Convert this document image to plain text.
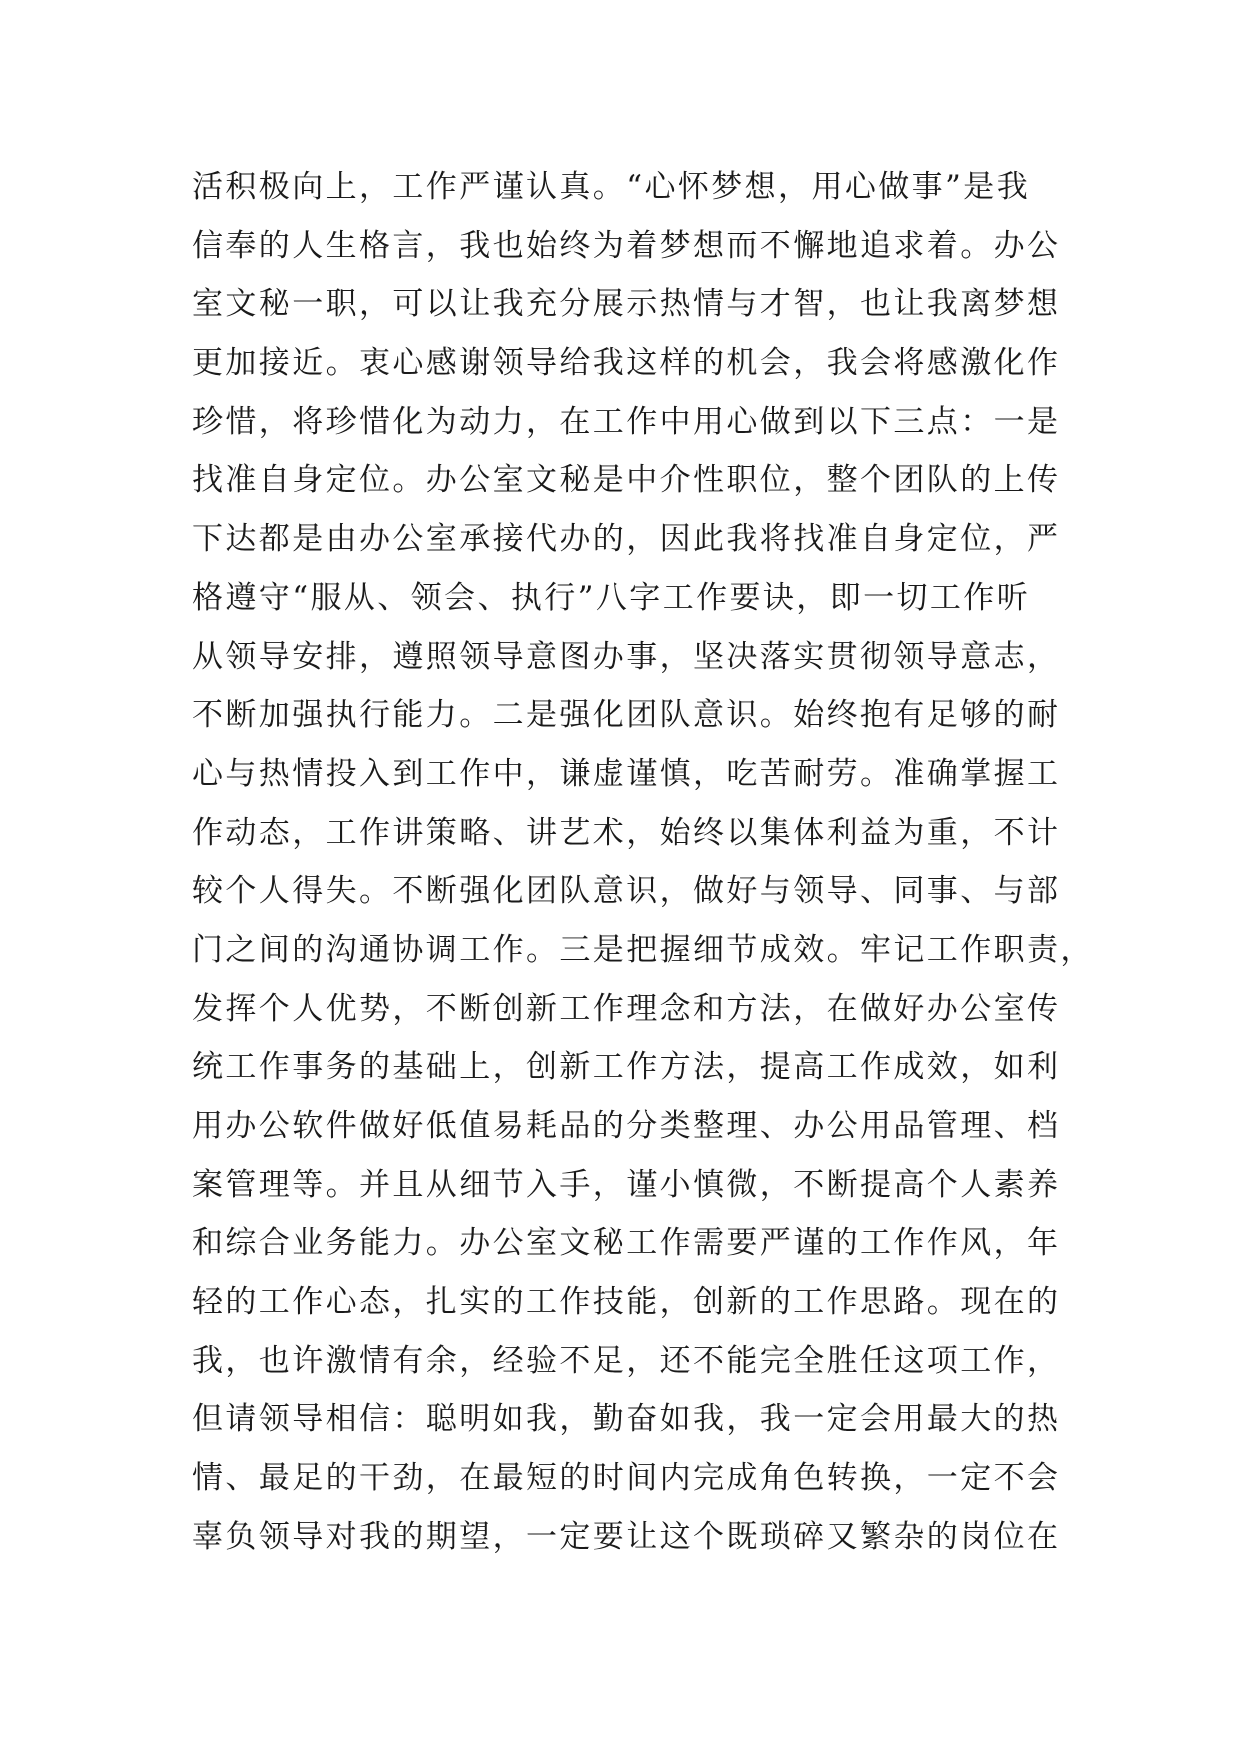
活积极向上，工作严谨认真。“心怀梦想，用心做事”是我
信奉的人生格言，我也始终为着梦想而不懈地追求着。办公
室文秘一职，可以让我充分展示热情与才智，也让我离梦想
更加接近。衷心感谢领导给我这样的机会，我会将感激化作
珍惜，将珍惜化为动力，在工作中用心做到以下三点：一是
找准自身定位。办公室文秘是中介性职位，整个团队的上传
下达都是由办公室承接代办的，因此我将找准自身定位，严
格遵守“服从、领会、执行”八字工作要诀，即一切工作听
从领导安排，遵照领导意图办事，坚决落实贯彻领导意志，
不断加强执行能力。二是强化团队意识。始终抱有足够的耐
心与热情投入到工作中，谦虚谨慎，吃苦耐劳。准确掌握工
作动态，工作讲策略、讲艺术，始终以集体利益为重，不计
较个人得失。不断强化团队意识，做好与领导、同事、与部
门之间的沟通协调工作。三是把握细节成效。牢记工作职责，
发挥个人优势，不断创新工作理念和方法，在做好办公室传
统工作事务的基础上，创新工作方法，提高工作成效，如利
用办公软件做好低值易耗品的分类整理、办公用品管理、档
案管理等。并且从细节入手，谨小慎微，不断提高个人素养
和综合业务能力。办公室文秘工作需要严谨的工作作风，年
轻的工作心态，扎实的工作技能，创新的工作思路。现在的
我，也许激情有余，经验不足，还不能完全胜任这项工作，
但请领导相信：聪明如我，勤奋如我，我一定会用最大的热
情、最足的干劲，在最短的时间内完成角色转换，一定不会
辜负领导对我的期望，一定要让这个既琐碎又繁杂的岗位在
